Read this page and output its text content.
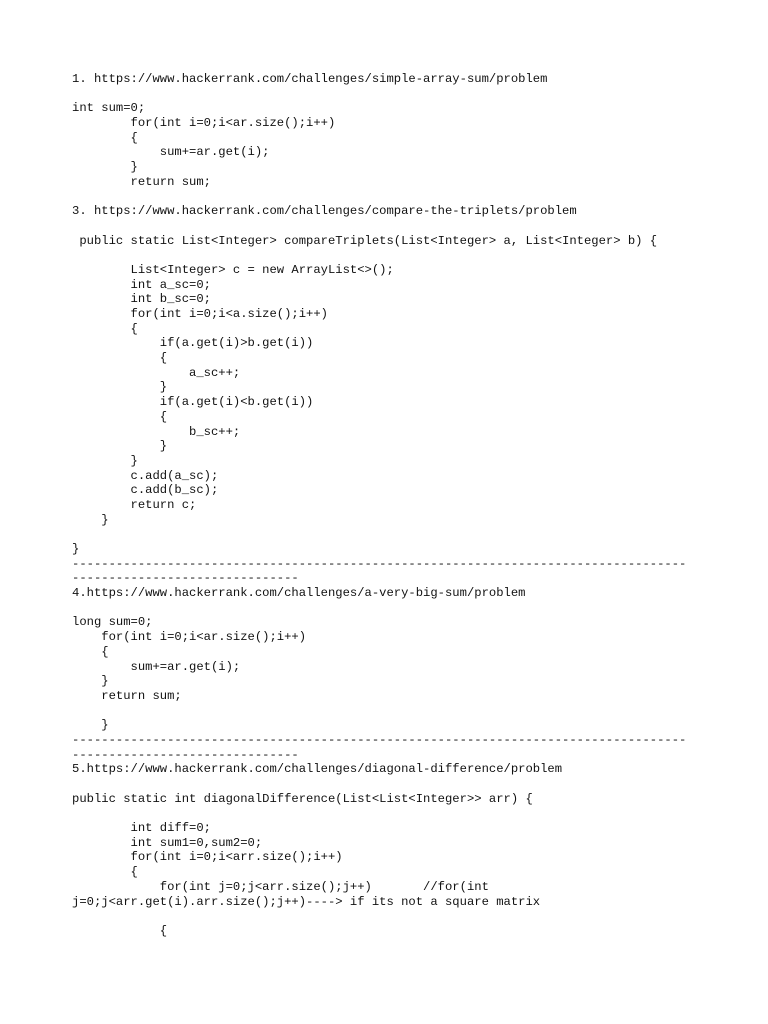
1. https://www.hackerrank.com/challenges/simple-array-sum/problem
int sum=0;
for(int i=0;i<ar.size();i++)
{
sum+=ar.get(i);
}
return sum;
3. https://www.hackerrank.com/challenges/compare-the-triplets/problem
public static List<Integer> compareTriplets(List<Integer> a, List<Integer> b) {
List<Integer> c = new ArrayList<>();
int a_sc=0;
int b_sc=0;
for(int i=0;i<a.size();i++)
{
if(a.get(i)>b.get(i))
{
a_sc++;
}
if(a.get(i)<b.get(i))
{
b_sc++;
}
}
c.add(a_sc);
c.add(b_sc);
return c;
}
}
------------------------------------------------------------------------------------
-------------------------------
4.https://www.hackerrank.com/challenges/a-very-big-sum/problem
long sum=0;
for(int i=0;i<ar.size();i++)
{
sum+=ar.get(i);
}
return sum;
}
------------------------------------------------------------------------------------
-------------------------------
5.https://www.hackerrank.com/challenges/diagonal-difference/problem
public static int diagonalDifference(List<List<Integer>> arr) {
int diff=0;
int sum1=0,sum2=0;
for(int i=0;i<arr.size();i++)
{
for(int j=0;j<arr.size();j++)       //for(int
j=0;j<arr.get(i).arr.size();j++)----> if its not a square matrix
{
